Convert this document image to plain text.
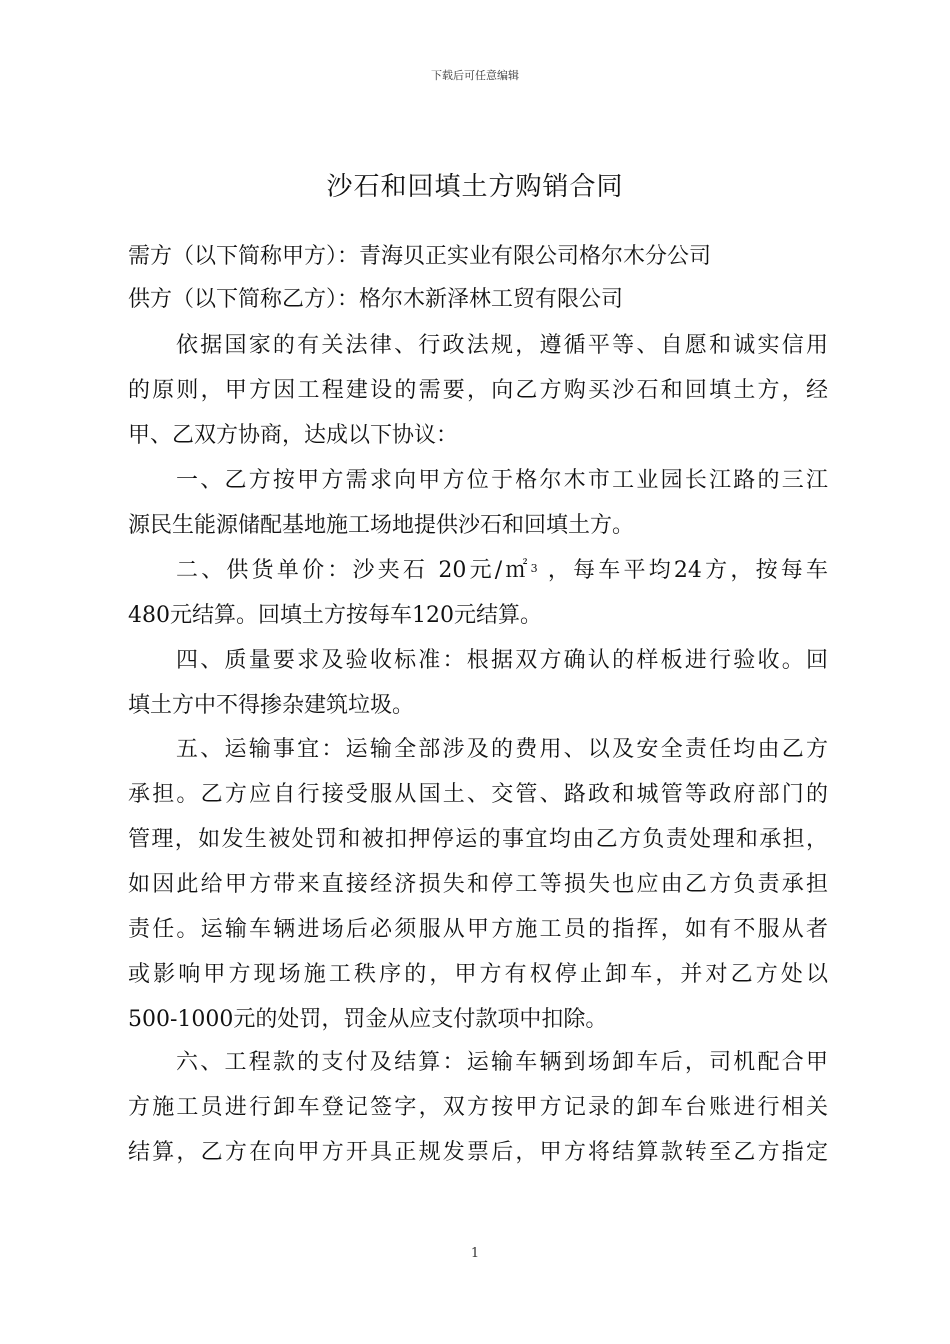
下载后可任意编辑
沙石和回填土方购销合同
需方（以下简称甲方）：青海贝正实业有限公司格尔木分公司
供方（以下简称乙方）：格尔木新泽林工贸有限公司
依据国家的有关法律、行政法规，遵循平等、自愿和诚实信用
的原则，甲方因工程建设的需要，向乙方购买沙石和回填土方，经
甲、乙双方协商，达成以下协议：
一、乙方按甲方需求向甲方位于格尔木市工业园长江路的三江
源民生能源储配基地施工场地提供沙石和回填土方。
二、供货单价：沙夹石 20元/㎡$^3$ ，每车平均24方，按每车
480元结算。回填土方按每车120元结算。
四、质量要求及验收标准：根据双方确认的样板进行验收。回
填土方中不得掺杂建筑垃圾。
五、运输事宜：运输全部涉及的费用、以及安全责任均由乙方
承担。乙方应自行接受服从国土、交管、路政和城管等政府部门的
管理，如发生被处罚和被扣押停运的事宜均由乙方负责处理和承担，
如因此给甲方带来直接经济损失和停工等损失也应由乙方负责承担
责任。运输车辆进场后必须服从甲方施工员的指挥，如有不服从者
或影响甲方现场施工秩序的，甲方有权停止卸车，并对乙方处以
500-1000元的处罚，罚金从应支付款项中扣除。
六、工程款的支付及结算：运输车辆到场卸车后，司机配合甲
方施工员进行卸车登记签字，双方按甲方记录的卸车台账进行相关
结算，乙方在向甲方开具正规发票后，甲方将结算款转至乙方指定
1
